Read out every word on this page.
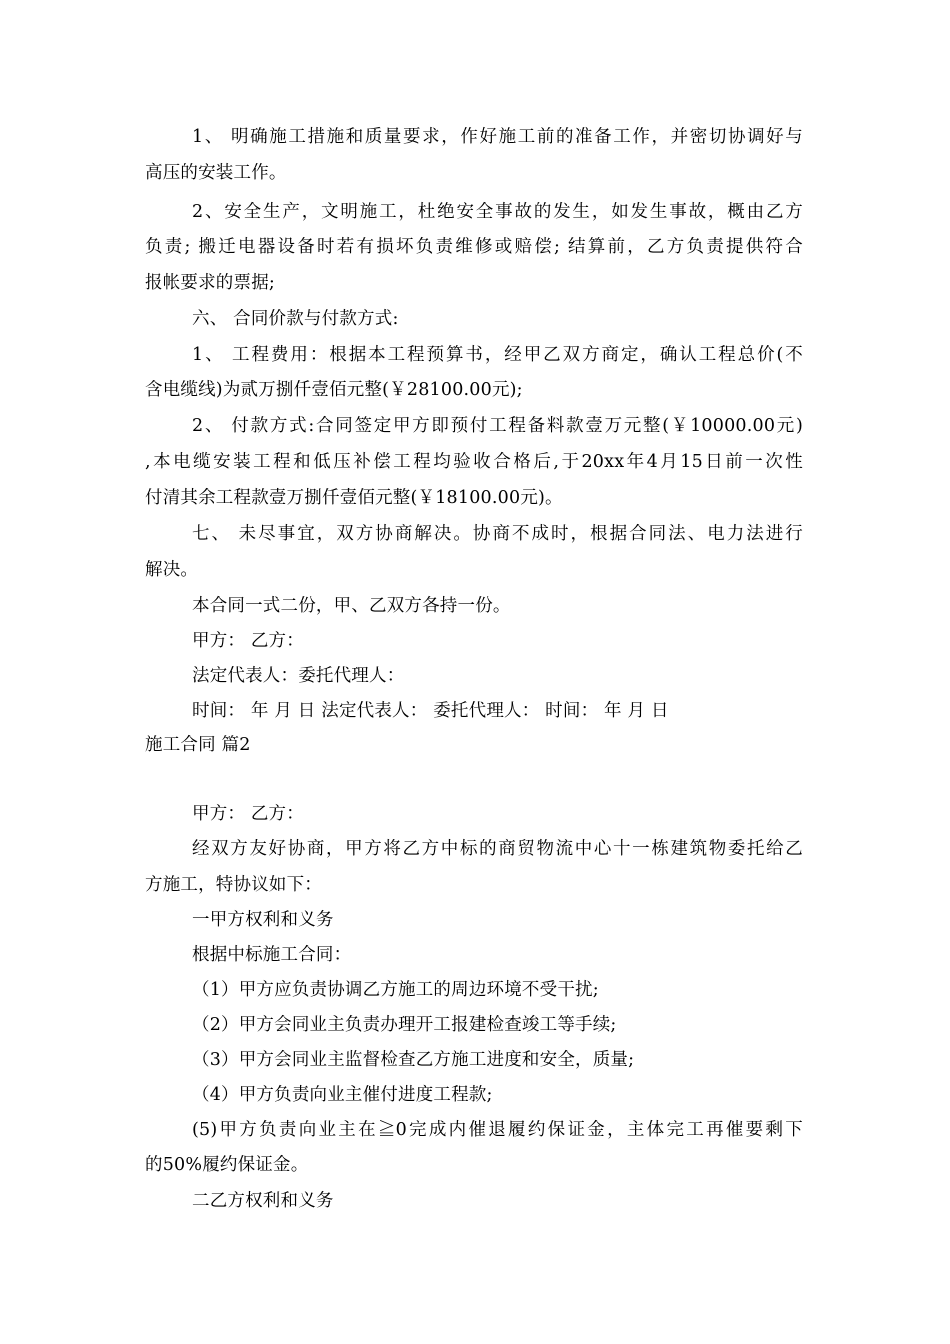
1、 明确施工措施和质量要求，作好施工前的准备工作，并密切协调好与
高压的安装工作。
2、安全生产，文明施工，杜绝安全事故的发生，如发生事故，概由乙方
负责; 搬迁电器设备时若有损坏负责维修或赔偿; 结算前，乙方负责提供符合
报帐要求的票据;
六、 合同价款与付款方式:
1、 工程费用：根据本工程预算书，经甲乙双方商定，确认工程总价(不
含电缆线)为贰万捌仟壹佰元整(￥28100.00元);
2、 付款方式:合同签定甲方即预付工程备料款壹万元整(￥10000.00元)
,本电缆安装工程和低压补偿工程均验收合格后,于20xx年4月15日前一次性
付清其余工程款壹万捌仟壹佰元整(￥18100.00元)。
七、 未尽事宜，双方协商解决。协商不成时，根据合同法、电力法进行
解决。
本合同一式二份，甲、乙双方各持一份。
甲方： 乙方：
法定代表人：委托代理人：
时间： 年 月 日 法定代表人： 委托代理人： 时间： 年 月 日
施工合同 篇2
甲方： 乙方：
经双方友好协商，甲方将乙方中标的商贸物流中心十一栋建筑物委托给乙
方施工，特协议如下：
一甲方权利和义务
根据中标施工合同：
（1）甲方应负责协调乙方施工的周边环境不受干扰;
（2）甲方会同业主负责办理开工报建检查竣工等手续;
（3）甲方会同业主监督检查乙方施工进度和安全，质量;
（4）甲方负责向业主催付进度工程款;
(5)甲方负责向业主在≧0完成内催退履约保证金，主体完工再催要剩下
的50%履约保证金。
二乙方权利和义务
